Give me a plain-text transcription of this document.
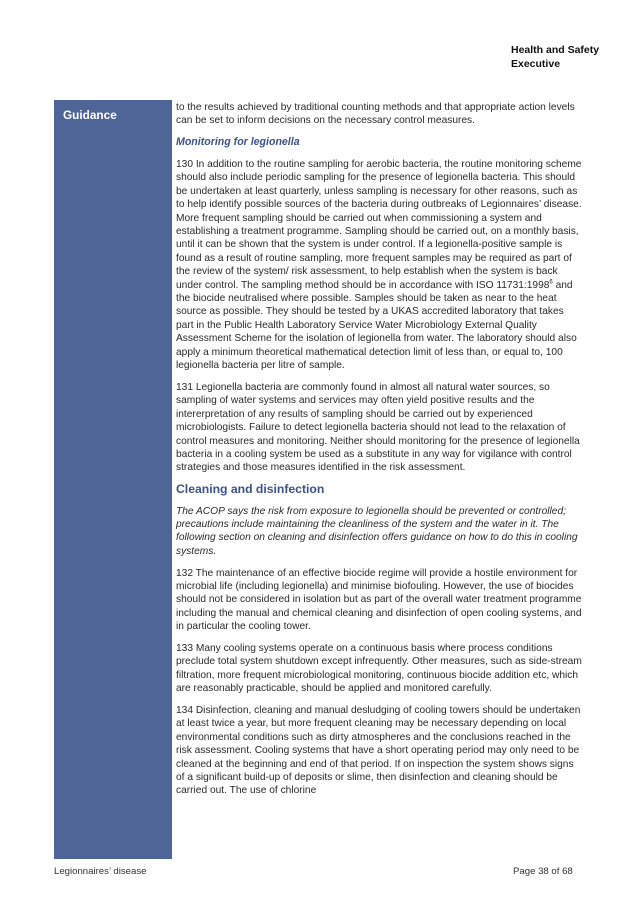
Health and Safety
Executive
Guidance

to the results achieved by traditional counting methods and that appropriate action levels can be set to inform decisions on the necessary control measures.

Monitoring for legionella

130 In addition to the routine sampling for aerobic bacteria, the routine monitoring scheme should also include periodic sampling for the presence of legionella bacteria. This should be undertaken at least quarterly, unless sampling is necessary for other reasons, such as to help identify possible sources of the bacteria during outbreaks of Legionnaires’ disease. More frequent sampling should be carried out when commissioning a system and establishing a treatment programme. Sampling should be carried out, on a monthly basis, until it can be shown that the system is under control. If a legionella-positive sample is found as a result of routine sampling, more frequent samples may be required as part of the review of the system/ risk assessment, to help establish when the system is back under control. The sampling method should be in accordance with ISO 11731:1998$^6$ and the biocide neutralised where possible. Samples should be taken as near to the heat source as possible. They should be tested by a UKAS accredited laboratory that takes part in the Public Health Laboratory Service Water Microbiology External Quality Assessment Scheme for the isolation of legionella from water. The laboratory should also apply a minimum theoretical mathematical detection limit of less than, or equal to, 100 legionella bacteria per litre of sample.

131 Legionella bacteria are commonly found in almost all natural water sources, so sampling of water systems and services may often yield positive results and the intererpretation of any results of sampling should be carried out by experienced microbiologists. Failure to detect legionella bacteria should not lead to the relaxation of control measures and monitoring. Neither should monitoring for the presence of legionella bacteria in a cooling system be used as a substitute in any way for vigilance with control strategies and those measures identified in the risk assessment.

Cleaning and disinfection

The ACOP says the risk from exposure to legionella should be prevented or controlled; precautions include maintaining the cleanliness of the system and the water in it. The following section on cleaning and disinfection offers guidance on how to do this in cooling systems.

132 The maintenance of an effective biocide regime will provide a hostile environment for microbial life (including legionella) and minimise biofouling. However, the use of biocides should not be considered in isolation but as part of the overall water treatment programme including the manual and chemical cleaning and disinfection of open cooling systems, and in particular the cooling tower.

133 Many cooling systems operate on a continuous basis where process conditions preclude total system shutdown except infrequently. Other measures, such as side-stream filtration, more frequent microbiological monitoring, continuous biocide addition etc, which are reasonably practicable, should be applied and monitored carefully.

134 Disinfection, cleaning and manual desludging of cooling towers should be undertaken at least twice a year, but more frequent cleaning may be necessary depending on local environmental conditions such as dirty atmospheres and the conclusions reached in the risk assessment. Cooling systems that have a short operating period may only need to be cleaned at the beginning and end of that period. If on inspection the system shows signs of a significant build-up of deposits or slime, then disinfection and cleaning should be carried out. The use of chlorine

Legionnaires’ disease	Page 38 of 68
